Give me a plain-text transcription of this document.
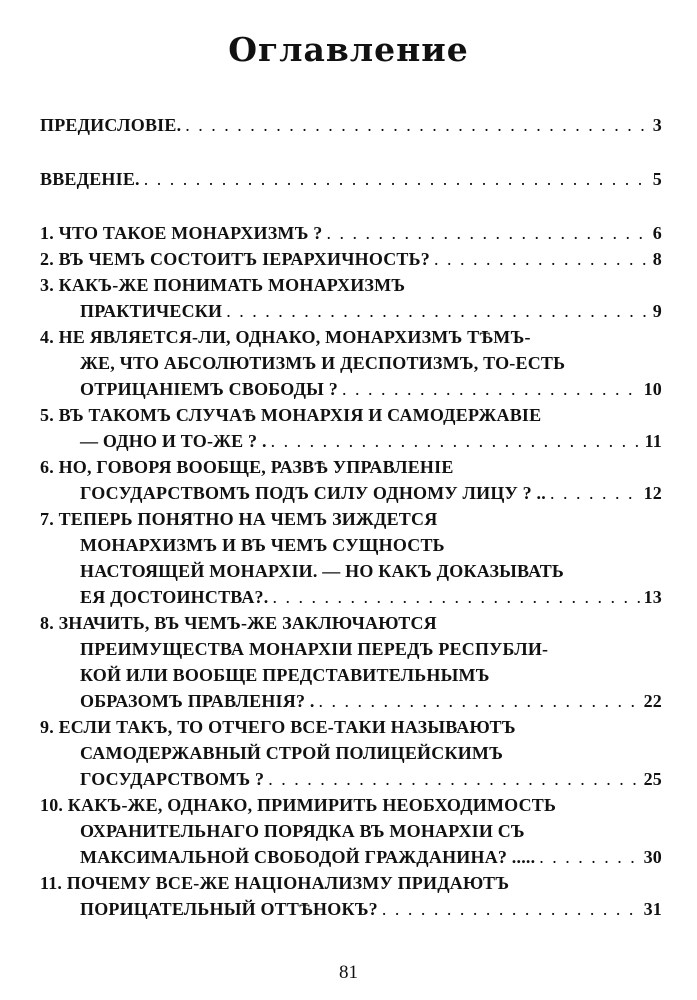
Оглавление
ПРЕДИСЛОВІЕ. . . .	3
ВВЕДЕНІЕ. . . .	5
1. ЧТО ТАКОЕ МОНАРХИЗМЪ ? . . .	6
2. ВЪ ЧЕМЪ СОСТОИТЪ ІЕРАРХИЧНОСТЬ? . . .	8
3. КАКЪ-ЖЕ ПОНИМАТЬ МОНАРХИЗМЪ
ПРАКТИЧЕСКИ . . .	9
4. НЕ ЯВЛЯЕТСЯ-ЛИ, ОДНАКО, МОНАРХИЗМЪ ТѢМЪ-
ЖЕ, ЧТО АБСОЛЮТИЗМЪ И ДЕСПОТИЗМЪ, ТО-ЕСТЬ
ОТРИЦАНІЕМЪ СВОБОДЫ ? . . .	10
5. ВЪ ТАКОМЪ СЛУЧАѢ МОНАРХІЯ И САМОДЕРЖАВІЕ
— ОДНО И ТО-ЖЕ ? . . . .	11
6. НО, ГОВОРЯ ВООБЩЕ, РАЗВѢ УПРАВЛЕНІЕ
ГОСУДАРСТВОМЪ ПОДЪ СИЛУ ОДНОМУ ЛИЦУ ? .. . . .	12
7. ТЕПЕРЬ ПОНЯТНО НА ЧЕМЪ ЗИЖДЕТСЯ
МОНАРХИЗМЪ И ВЪ ЧЕМЪ СУЩНОСТЬ
НАСТОЯЩЕЙ МОНАРХІИ. — НО КАКЪ ДОКАЗЫВАТЬ
ЕЯ ДОСТОИНСТВА?. . . .	13
8. ЗНАЧИТЬ, ВЪ ЧЕМЪ-ЖЕ ЗАКЛЮЧАЮТСЯ
ПРЕИМУЩЕСТВА МОНАРХІИ ПЕРЕДЪ РЕСПУБЛИ-
КОЙ ИЛИ ВООБЩЕ ПРЕДСТАВИТЕЛЬНЫМЪ
ОБРАЗОМЪ ПРАВЛЕНІЯ? . . . .	22
9. ЕСЛИ ТАКЪ, ТО ОТЧЕГО ВСЕ-ТАКИ НАЗЫВАЮТЪ
САМОДЕРЖАВНЫЙ СТРОЙ ПОЛИЦЕЙСКИМЪ
ГОСУДАРСТВОМЪ ? . . .	25
10. КАКЪ-ЖЕ, ОДНАКО, ПРИМИРИТЬ НЕОБХОДИМОСТЬ
ОХРАНИТЕЛЬНАГО ПОРЯДКА ВЪ МОНАРХІИ СЪ
МАКСИМАЛЬНОЙ СВОБОДОЙ ГРАЖДАНИНА? ..... . . .	30
11. ПОЧЕМУ ВСЕ-ЖЕ НАЦІОНАЛИЗМУ ПРИДАЮТЪ
ПОРИЦАТЕЛЬНЫЙ ОТТѢНОКЪ? . . .	31
81
